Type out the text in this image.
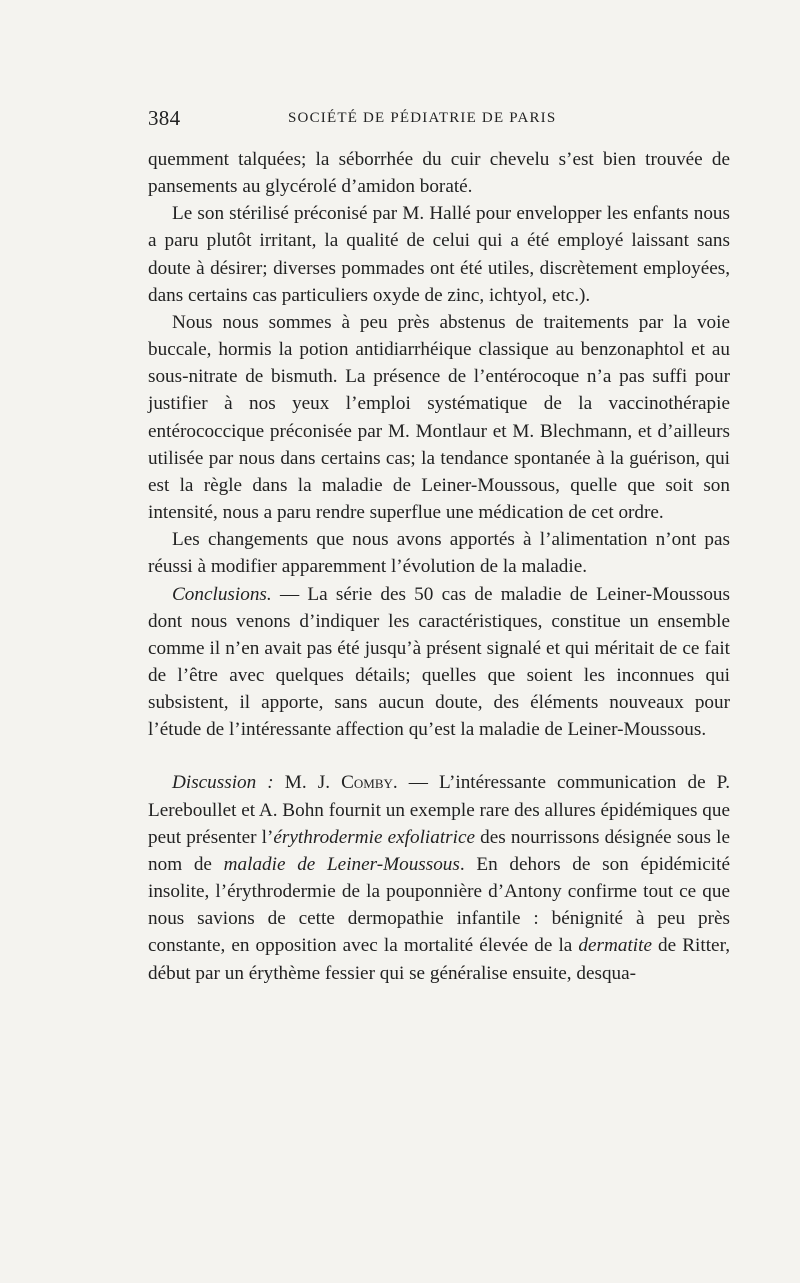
384	SOCIÉTÉ DE PÉDIATRIE DE PARIS

quemment talquées; la séborrhée du cuir chevelu s’est bien trouvée de pansements au glycérolé d’amidon boraté.

Le son stérilisé préconisé par M. Hallé pour envelopper les enfants nous a paru plutôt irritant, la qualité de celui qui a été employé laissant sans doute à désirer; diverses pommades ont été utiles, discrètement employées, dans certains cas particuliers oxyde de zinc, ichtyol, etc.).

Nous nous sommes à peu près abstenus de traitements par la voie buccale, hormis la potion antidiarrhéique classique au benzonaphtol et au sous-nitrate de bismuth. La présence de l’entérocoque n’a pas suffi pour justifier à nos yeux l’emploi systématique de la vaccinothérapie entérococcique préconisée par M. Montlaur et M. Blechmann, et d’ailleurs utilisée par nous dans certains cas; la tendance spontanée à la guérison, qui est la règle dans la maladie de Leiner-Moussous, quelle que soit son intensité, nous a paru rendre superflue une médication de cet ordre.

Les changements que nous avons apportés à l’alimentation n’ont pas réussi à modifier apparemment l’évolution de la maladie.

Conclusions. — La série des 50 cas de maladie de Leiner-Moussous dont nous venons d’indiquer les caractéristiques, constitue un ensemble comme il n’en avait pas été jusqu’à présent signalé et qui méritait de ce fait de l’être avec quelques détails; quelles que soient les inconnues qui subsistent, il apporte, sans aucun doute, des éléments nouveaux pour l’étude de l’intéressante affection qu’est la maladie de Leiner-Moussous.

Discussion : M. J. Comby. — L’intéressante communication de P. Lereboullet et A. Bohn fournit un exemple rare des allures épidémiques que peut présenter l’érythrodermie exfoliatrice des nourrissons désignée sous le nom de maladie de Leiner-Moussous. En dehors de son épidémicité insolite, l’érythrodermie de la pouponnière d’Antony confirme tout ce que nous savions de cette dermopathie infantile : bénignité à peu près constante, en opposition avec la mortalité élevée de la dermatite de Ritter, début par un érythème fessier qui se généralise ensuite, desqua-
